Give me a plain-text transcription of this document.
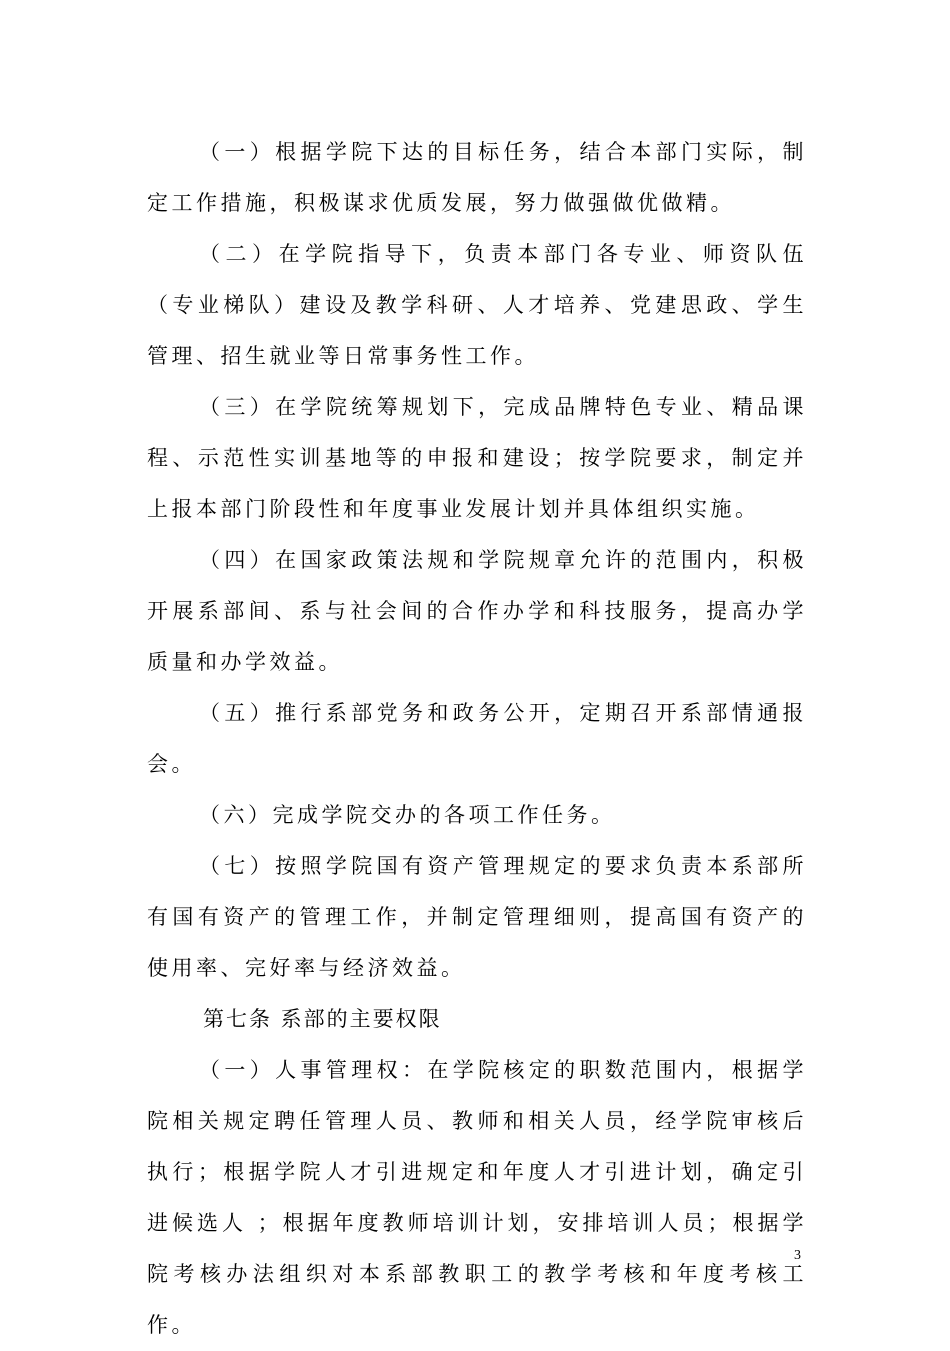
（一）根据学院下达的目标任务，结合本部门实际，制定工作措施，积极谋求优质发展，努力做强做优做精。

（二）在学院指导下，负责本部门各专业、师资队伍（专业梯队）建设及教学科研、人才培养、党建思政、学生管理、招生就业等日常事务性工作。

（三）在学院统筹规划下，完成品牌特色专业、精品课程、示范性实训基地等的申报和建设；按学院要求，制定并上报本部门阶段性和年度事业发展计划并具体组织实施。

（四）在国家政策法规和学院规章允许的范围内，积极开展系部间、系与社会间的合作办学和科技服务，提高办学质量和办学效益。

（五）推行系部党务和政务公开，定期召开系部情通报会。

（六）完成学院交办的各项工作任务。

（七）按照学院国有资产管理规定的要求负责本系部所有国有资产的管理工作，并制定管理细则，提高国有资产的使用率、完好率与经济效益。

第七条 系部的主要权限

（一）人事管理权：在学院核定的职数范围内，根据学院相关规定聘任管理人员、教师和相关人员，经学院审核后执行；根据学院人才引进规定和年度人才引进计划，确定引进候选人 ；根据年度教师培训计划，安排培训人员；根据学院考核办法组织对本系部教职工的教学考核和年度考核工作。

3
